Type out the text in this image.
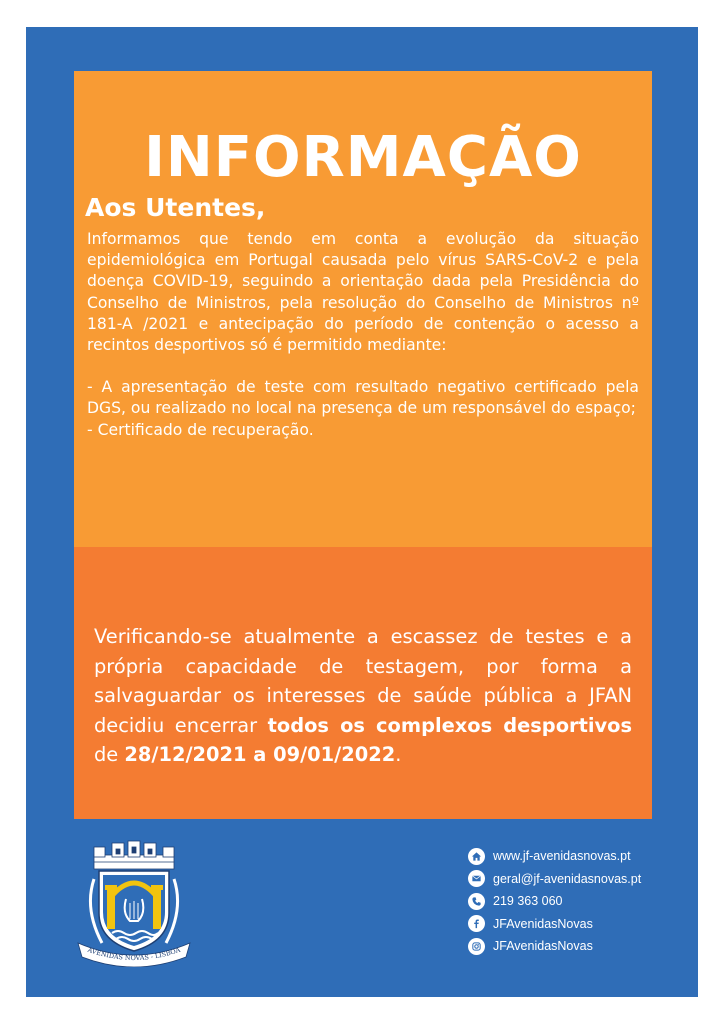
INFORMAÇÃO
Aos Utentes,

Informamos que tendo em conta a evolução da situação epidemiológica em Portugal causada pelo vírus SARS-CoV-2 e pela doença COVID-19, seguindo a orientação dada pela Presidência do Conselho de Ministros, pela resolução do Conselho de Ministros nº 181-A /2021 e antecipação do período de contenção o acesso a recintos desportivos só é permitido mediante:

- A apresentação de teste com resultado negativo certificado pela DGS, ou realizado no local na presença de um responsável do espaço;
- Certificado de recuperação.

Verificando-se atualmente a escassez de testes e a própria capacidade de testagem, por forma a salvaguardar os interesses de saúde pública a JFAN decidiu encerrar todos os complexos desportivos de 28/12/2021 a 09/01/2022.

AVENIDAS NOVAS - LISBOA
www.jf-avenidasnovas.pt
geral@jf-avenidasnovas.pt
219 363 060
JFAvenidasNovas
JFAvenidasNovas
